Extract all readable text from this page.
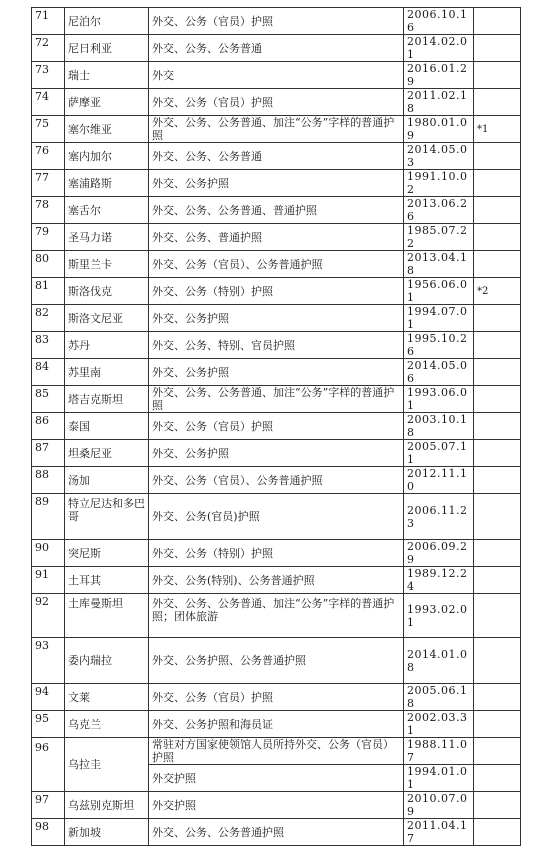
71	尼泊尔	外交、公务（官员）护照	2006.10.16	
72	尼日利亚	外交、公务、公务普通	2014.02.01	
73	瑞士	外交	2016.01.29	
74	萨摩亚	外交、公务（官员）护照	2011.02.18	
75	塞尔维亚	外交、公务、公务普通、加注“公务”字样的普通护照	1980.01.09	*1
76	塞内加尔	外交、公务、公务普通	2014.05.03	
77	塞浦路斯	外交、公务护照	1991.10.02	
78	塞舌尔	外交、公务、公务普通、普通护照	2013.06.26	
79	圣马力诺	外交、公务、普通护照	1985.07.22	
80	斯里兰卡	外交、公务（官员）、公务普通护照	2013.04.18	
81	斯洛伐克	外交、公务（特别）护照	1956.06.01	*2
82	斯洛文尼亚	外交、公务护照	1994.07.01	
83	苏丹	外交、公务、特别、官员护照	1995.10.26	
84	苏里南	外交、公务护照	2014.05.06	
85	塔吉克斯坦	外交、公务、公务普通、加注“公务”字样的普通护照	1993.06.01	
86	泰国	外交、公务（官员）护照	2003.10.18	
87	坦桑尼亚	外交、公务护照	2005.07.11	
88	汤加	外交、公务（官员）、公务普通护照	2012.11.10	
89	特立尼达和多巴哥	外交、公务(官员)护照	2006.11.23	
90	突尼斯	外交、公务（特别）护照	2006.09.29	
91	土耳其	外交、公务(特别)、公务普通护照	1989.12.24	
92	土库曼斯坦	外交、公务、公务普通、加注“公务”字样的普通护照；团体旅游	1993.02.01	
93	委内瑞拉	外交、公务护照、公务普通护照	2014.01.08	
94	文莱	外交、公务（官员）护照	2005.06.18	
95	乌克兰	外交、公务护照和海员证	2002.03.31	
96	乌拉圭	常驻对方国家使领馆人员所持外交、公务（官员）护照	1988.11.07	
		外交护照	1994.01.01	
97	乌兹别克斯坦	外交护照	2010.07.09	
98	新加坡	外交、公务、公务普通护照	2011.04.17	
